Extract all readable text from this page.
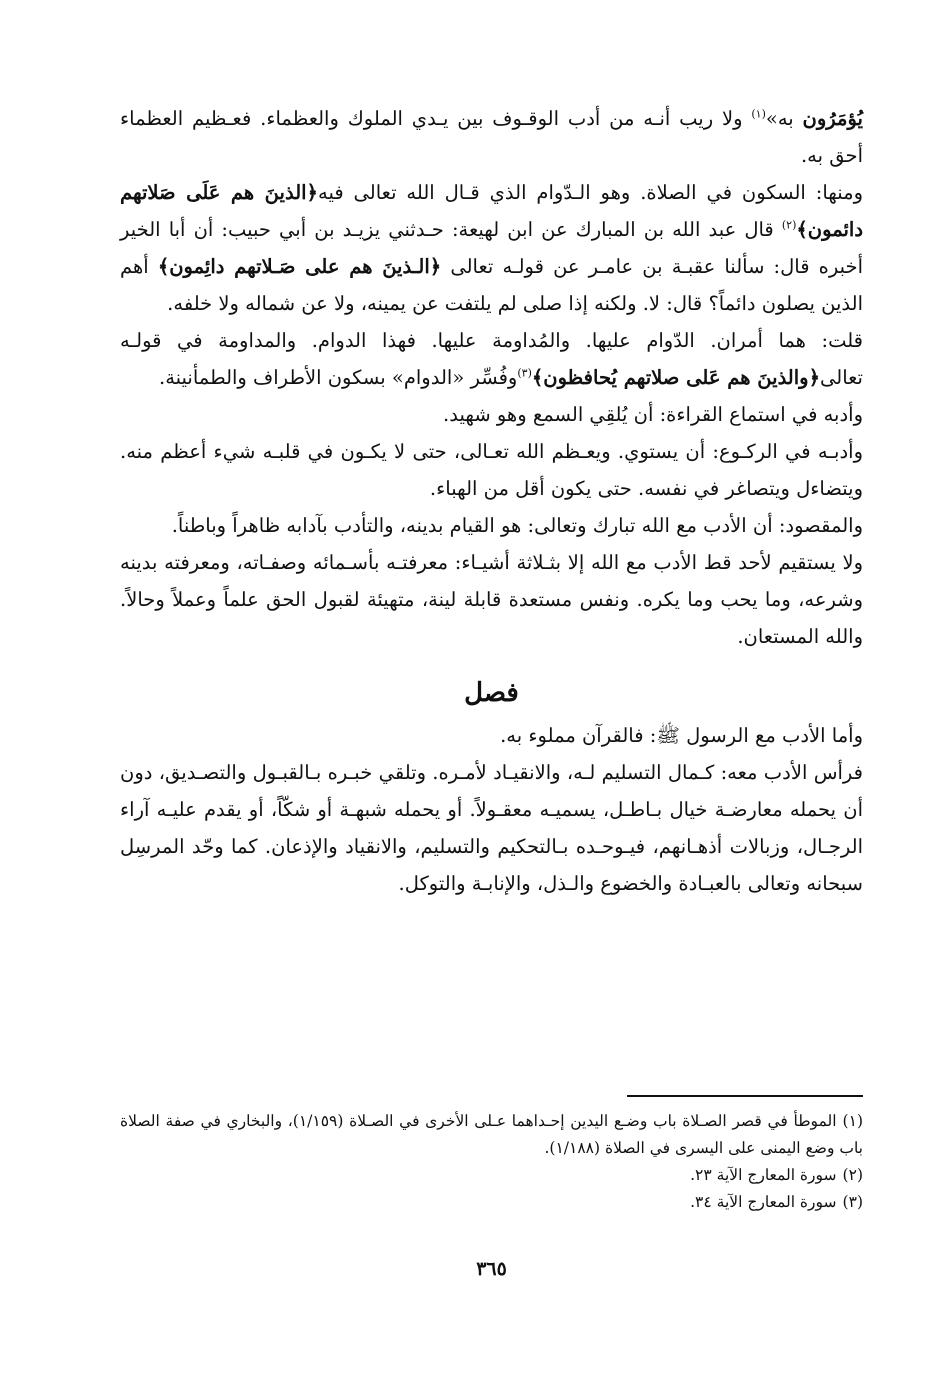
يُؤمَرُون به»$^{(١)}$ ولا ريب أنـه من أدب الوقـوف بين يـدي الملوك والعظماء. فعـظيم العظماء أحق به.

ومنها: السكون في الصلاة. وهو الـدّوام الذي قـال الله تعالى فيه﴿الذينَ هم عَلَى صَلاتهم دائمون﴾$^{(٢)}$ قال عبد الله بن المبارك عن ابن لهيعة: حـدثني يزيـد بن أبي حبيب: أن أبا الخير أخبره قال: سألنا عقبـة بن عامـر عن قولـه تعالى ﴿الـذينَ هم على صَـلاتهم دائِمون﴾ أهم الذين يصلون دائماً؟ قال: لا. ولكنه إذا صلى لم يلتفت عن يمينه، ولا عن شماله ولا خلفه.

قلت: هما أمران. الدّوام عليها. والمُداومة عليها. فهذا الدوام. والمداومة في قولـه تعالى﴿والذينَ هم عَلى صلاتهم يُحافظون﴾$^{(٣)}$وفُسِّر «الدوام» بسكون الأطراف والطمأنينة.

وأدبه في استماع القراءة: أن يُلقِي السمع وهو شهيد.

وأدبـه في الركـوع: أن يستوي. ويعـظم الله تعـالى، حتى لا يكـون في قلبـه شيء أعظم منه. ويتضاءل ويتصاغر في نفسه. حتى يكون أقل من الهباء.

والمقصود: أن الأدب مع الله تبارك وتعالى: هو القيام بدينه، والتأدب بآدابه ظاهراً وباطناً.

ولا يستقيم لأحد قط الأدب مع الله إلا بثـلاثة أشيـاء: معرفتـه بأسـمائه وصفـاته، ومعرفته بدينه وشرعه، وما يحب وما يكره. ونفس مستعدة قابلة لينة، متهيئة لقبول الحق علماً وعملاً وحالاً. والله المستعان.

فصل

وأما الأدب مع الرسول ﷺ: فالقرآن مملوء به.

فرأس الأدب معه: كـمال التسليم لـه، والانقيـاد لأمـره. وتلقي خبـره بـالقبـول والتصـديق، دون أن يحمله معارضـة خيال بـاطـل، يسميـه معقـولاً. أو يحمله شبهـة أو شكّاً، أو يقدم عليـه آراء الرجـال، وزبالات أذهـانهم، فيـوحـده بـالتحكيم والتسليم، والانقياد والإذعان. كما وحّد المرسِل سبحانه وتعالى بالعبـادة والخضوع والـذل، والإنابـة والتوكل.

(١)الموطأ في قصر الصـلاة باب وضـع اليدين إحـداهما عـلى الأخرى في الصـلاة (١/١٥٩)، والبخاري في صفة الصلاة باب وضع اليمنى على اليسرى في الصلاة (١/١٨٨).

(٢)سورة المعارج الآية ٢٣.

(٣)سورة المعارج الآية ٣٤.

٣٦٥
